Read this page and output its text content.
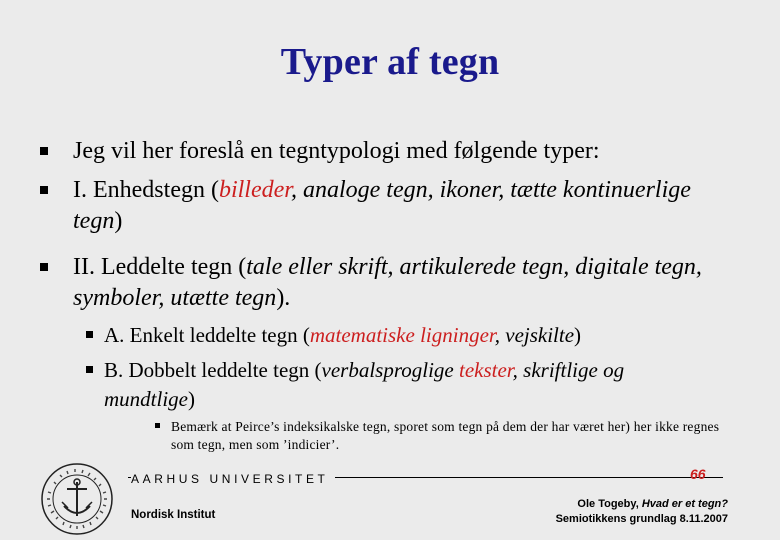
Typer af tegn
Jeg vil her foreslå en tegntypologi med følgende typer:
I. Enhedstegn (billeder, analoge tegn, ikoner, tætte kontinuerlige tegn)
II. Leddelte tegn (tale eller skrift, artikulerede tegn, digitale tegn, symboler, utætte tegn).
A. Enkelt leddelte tegn (matematiske ligninger, vejskilte)
B. Dobbelt leddelte tegn (verbalsproglige tekster, skriftlige og mundtlige)
Bemærk at Peirce’s indeksikalske tegn, sporet som tegn på dem der har været her) her ikke regnes som tegn, men som ’indicier’.
AARHUS UNIVERSITET	66
Nordisk Institut
Ole Togeby, Hvad er et tegn?
Semiotikkens grundlag 8.11.2007
